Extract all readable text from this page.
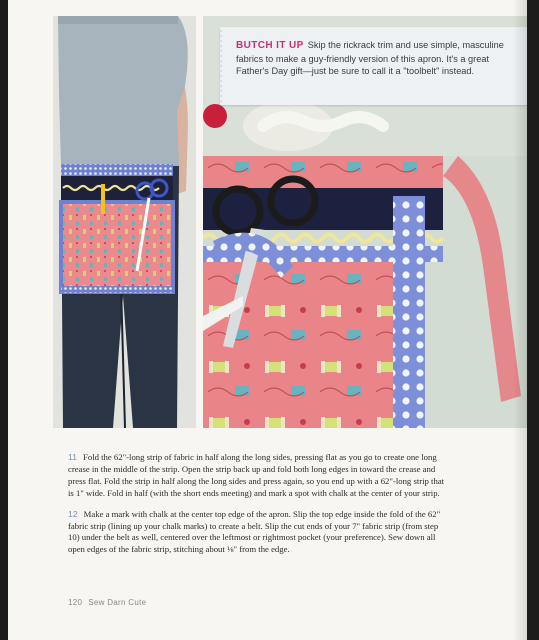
BUTCH IT UP Skip the rickrack trim and use simple, masculine fabrics to make a guy-friendly version of this apron. It's a great Father's Day gift—just be sure to call it a "toolbelt" instead.

11 Fold the 62"-long strip of fabric in half along the long sides, pressing flat as you go to create one long crease in the middle of the strip. Open the strip back up and fold both long edges in toward the crease and press flat. Fold the strip in half along the long sides and press again, so you end up with a 62"-long strip that is 1" wide. Fold in half (with the short ends meeting) and mark a spot with chalk at the center of your strip.

12 Make a mark with chalk at the center top edge of the apron. Slip the top edge inside the fold of the 62" fabric strip (lining up your chalk marks) to create a belt. Slip the cut ends of your 7" fabric strip (from step 10) under the belt as well, centered over the leftmost or rightmost pocket (your preference). Sew down all open edges of the fabric strip, stitching about ⅛" from the edge.

120 Sew Darn Cute
